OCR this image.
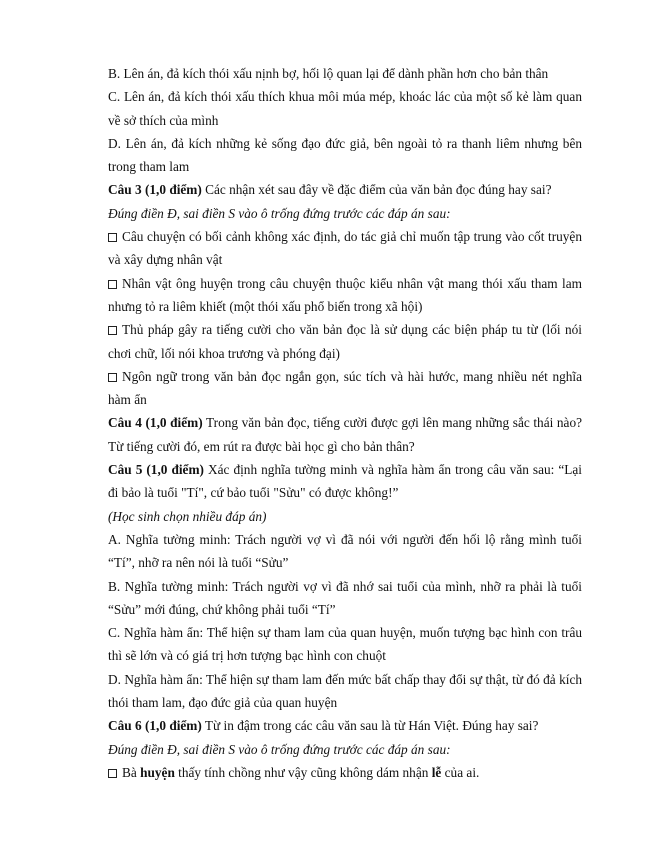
B. Lên án, đả kích thói xấu nịnh bợ, hối lộ quan lại để dành phần hơn cho bản thân

C. Lên án, đả kích thói xấu thích khua môi múa mép, khoác lác của một số kẻ làm quan về sở thích của mình

D. Lên án, đả kích những kẻ sống đạo đức giả, bên ngoài tỏ ra thanh liêm nhưng bên trong tham lam

Câu 3 (1,0 điểm) Các nhận xét sau đây về đặc điểm của văn bản đọc đúng hay sai?

Đúng điền Đ, sai điền S vào ô trống đứng trước các đáp án sau:

Câu chuyện có bối cảnh không xác định, do tác giả chỉ muốn tập trung vào cốt truyện và xây dựng nhân vật

Nhân vật ông huyện trong câu chuyện thuộc kiểu nhân vật mang thói xấu tham lam nhưng tỏ ra liêm khiết (một thói xấu phổ biến trong xã hội)

Thủ pháp gây ra tiếng cười cho văn bản đọc là sử dụng các biện pháp tu từ (lối nói chơi chữ, lối nói khoa trương và phóng đại)

Ngôn ngữ trong văn bản đọc ngắn gọn, súc tích và hài hước, mang nhiều nét nghĩa hàm ẩn

Câu 4 (1,0 điểm) Trong văn bản đọc, tiếng cười được gợi lên mang những sắc thái nào? Từ tiếng cười đó, em rút ra được bài học gì cho bản thân?

Câu 5 (1,0 điểm) Xác định nghĩa tường minh và nghĩa hàm ẩn trong câu văn sau: “Lại đi bảo là tuổi "Tí", cứ bảo tuổi "Sửu" có được không!”

(Học sinh chọn nhiều đáp án)

A. Nghĩa tường minh: Trách người vợ vì đã nói với người đến hối lộ rằng mình tuổi “Tí”, nhỡ ra nên nói là tuổi “Sửu”

B. Nghĩa tường minh: Trách người vợ vì đã nhớ sai tuổi của mình, nhỡ ra phải là tuổi “Sửu” mới đúng, chứ không phải tuổi “Tí”

C. Nghĩa hàm ẩn: Thể hiện sự tham lam của quan huyện, muốn tượng bạc hình con trâu thì sẽ lớn và có giá trị hơn tượng bạc hình con chuột

D. Nghĩa hàm ẩn: Thể hiện sự tham lam đến mức bất chấp thay đổi sự thật, từ đó đả kích thói tham lam, đạo đức giả của quan huyện

Câu 6 (1,0 điểm) Từ in đậm trong các câu văn sau là từ Hán Việt. Đúng hay sai?

Đúng điền Đ, sai điền S vào ô trống đứng trước các đáp án sau:

Bà huyện thấy tính chồng như vậy cũng không dám nhận lễ của ai.
